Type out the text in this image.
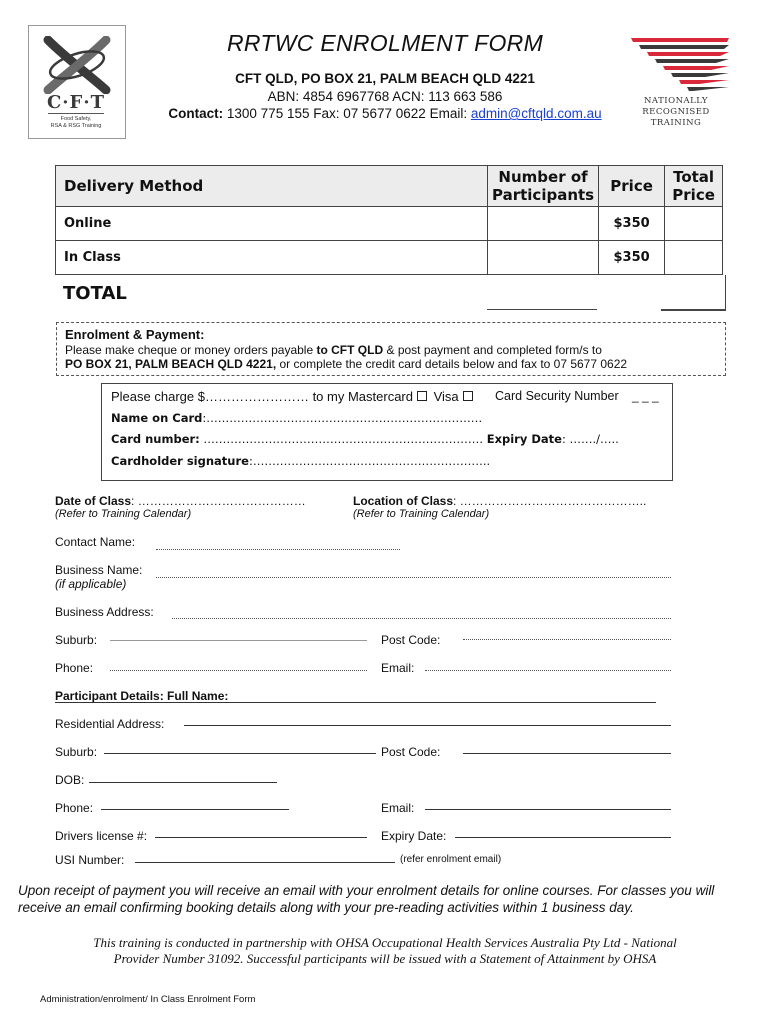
C·F·T
Food Safety,
RSA & RSG Training
NATIONALLY RECOGNISED
TRAINING
RRTWC ENROLMENT FORM
CFT QLD, PO BOX 21, PALM BEACH QLD 4221
ABN: 4854 6967768 ACN: 113 663 586
Contact: 1300 775 155 Fax: 07 5677 0622 Email: admin@cftqld.com.au
Delivery Method	Number of Participants	Price	Total Price
Online		$350	
In Class		$350	
TOTAL
Enrolment & Payment:
Please make cheque or money orders payable to CFT QLD & post payment and completed form/s to
PO BOX 21, PALM BEACH QLD 4221, or complete the credit card details below and fax to 07 5677 0622
Please charge $…………………… to my Mastercard Visa	Card Security Number _ _ _
Name on Card:………………………………………………………………
Card number: ………………………………………………………………. Expiry Date: ……./…..
Cardholder signature:……………………………………………………..
Date of Class: ……………………………………
(Refer to Training Calendar)
Location of Class: ………………………………………..
(Refer to Training Calendar)
Contact Name:
Business Name:
(if applicable)
Business Address:
Suburb:	Post Code:
Phone:	Email:
Participant Details: Full Name:
Residential Address:
Suburb:	Post Code:
DOB:
Phone:	Email:
Drivers license #:	Expiry Date:
USI Number:	(refer enrolment email)
Upon receipt of payment you will receive an email with your enrolment details for online courses. For classes you will receive an email confirming booking details along with your pre-reading activities within 1 business day.
This training is conducted in partnership with OHSA Occupational Health Services Australia Pty Ltd - National
Provider Number 31092. Successful participants will be issued with a Statement of Attainment by OHSA
Administration/enrolment/ In Class Enrolment Form
